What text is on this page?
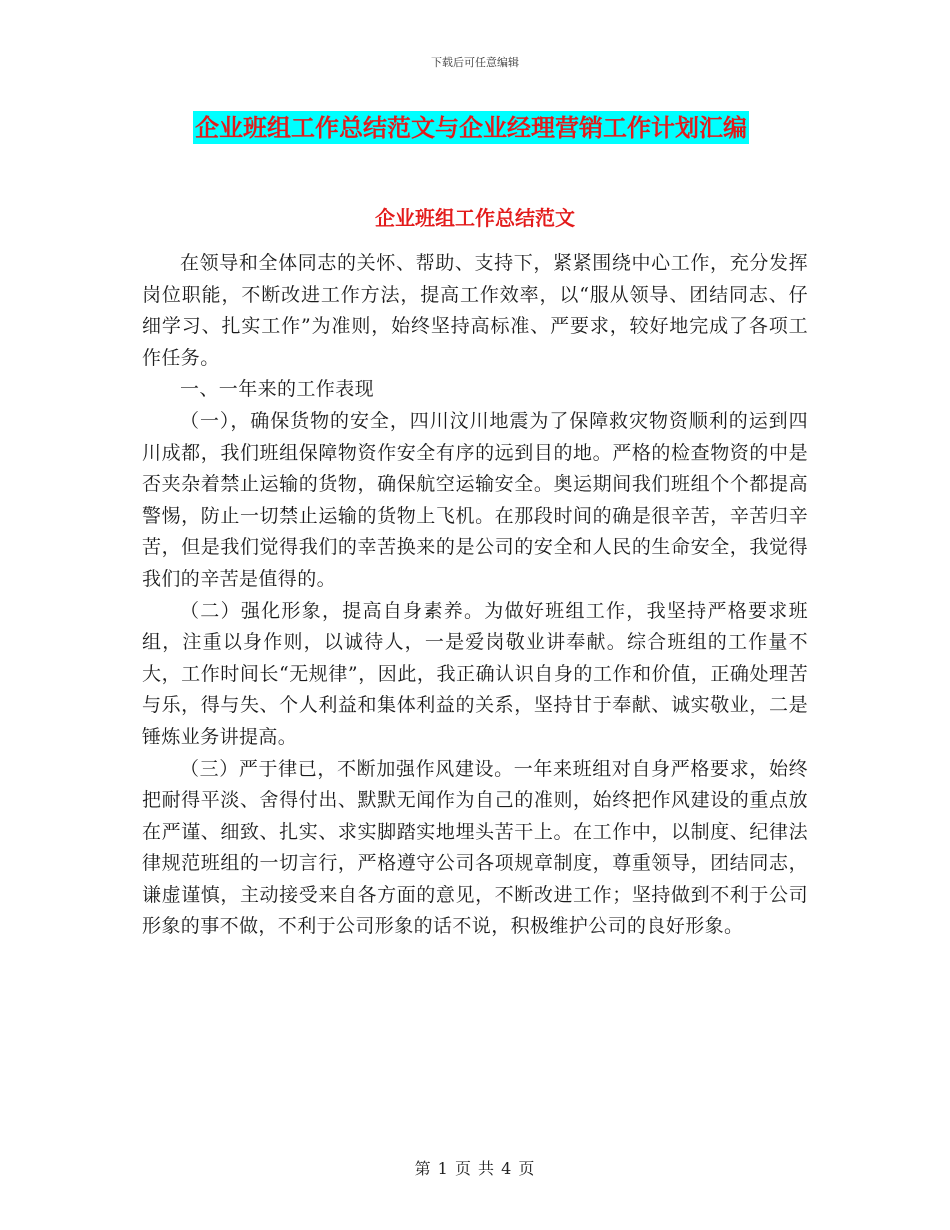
下载后可任意编辑
企业班组工作总结范文与企业经理营销工作计划汇编
企业班组工作总结范文

在领导和全体同志的关怀、帮助、支持下，紧紧围绕中心工作，充分发挥岗位职能，不断改进工作方法，提高工作效率，以“服从领导、团结同志、仔细学习、扎实工作”为准则，始终坚持高标准、严要求，较好地完成了各项工作任务。

一、一年来的工作表现

（一），确保货物的安全，四川汶川地震为了保障救灾物资顺利的运到四川成都，我们班组保障物资作安全有序的远到目的地。严格的检查物资的中是否夹杂着禁止运输的货物，确保航空运输安全。奥运期间我们班组个个都提高警惕，防止一切禁止运输的货物上飞机。在那段时间的确是很辛苦，辛苦归辛苦，但是我们觉得我们的幸苦换来的是公司的安全和人民的生命安全，我觉得我们的辛苦是值得的。

（二）强化形象，提高自身素养。为做好班组工作，我坚持严格要求班组，注重以身作则，以诚待人，一是爱岗敬业讲奉献。综合班组的工作量不大，工作时间长“无规律”，因此，我正确认识自身的工作和价值，正确处理苦与乐，得与失、个人利益和集体利益的关系，坚持甘于奉献、诚实敬业，二是锤炼业务讲提高。

（三）严于律已，不断加强作风建设。一年来班组对自身严格要求，始终把耐得平淡、舍得付出、默默无闻作为自己的准则，始终把作风建设的重点放在严谨、细致、扎实、求实脚踏实地埋头苦干上。在工作中，以制度、纪律法律规范班组的一切言行，严格遵守公司各项规章制度，尊重领导，团结同志，谦虚谨慎，主动接受来自各方面的意见，不断改进工作；坚持做到不利于公司形象的事不做，不利于公司形象的话不说，积极维护公司的良好形象。

第 1 页 共 4 页
